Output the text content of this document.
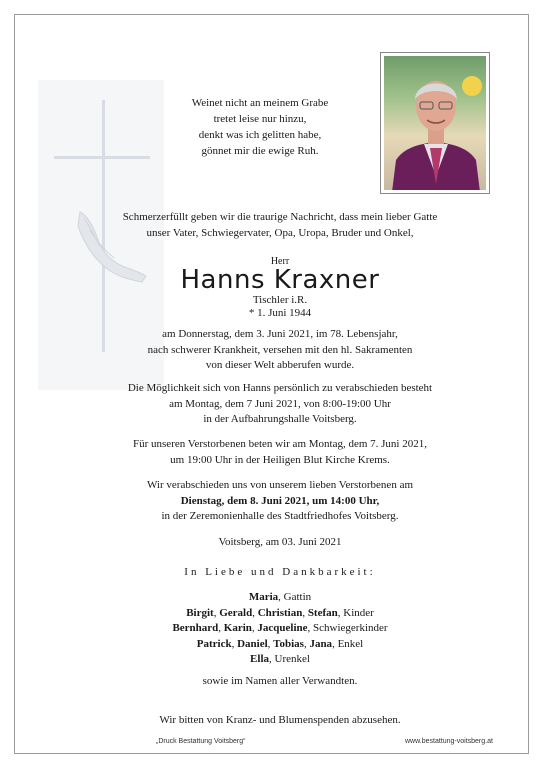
Weinet nicht an meinem Grabe

tretet leise nur hinzu,

denkt was ich gelitten habe,

gönnet mir die ewige Ruh.

Schmerzerfüllt geben wir die traurige Nachricht, dass mein lieber Gatte

unser Vater, Schwiegervater, Opa, Uropa, Bruder und Onkel,

Herr
Hanns Kraxner
Tischler i.R.
* 1. Juni 1944

am Donnerstag, dem 3. Juni 2021, im 78. Lebensjahr,

nach schwerer Krankheit, versehen mit den hl. Sakramenten

von dieser Welt abberufen wurde.

Die Möglichkeit sich von Hanns persönlich zu verabschieden besteht

am Montag, dem 7 Juni 2021, von 8:00-19:00 Uhr

in der Aufbahrungshalle Voitsberg.

Für unseren Verstorbenen beten wir am Montag, dem 7. Juni 2021,

um 19:00 Uhr in der Heiligen Blut Kirche Krems.

Wir verabschieden uns von unserem lieben Verstorbenen am

Dienstag, dem 8. Juni 2021, um 14:00 Uhr,

in der Zeremonienhalle des Stadtfriedhofes Voitsberg.

Voitsberg, am 03. Juni 2021
In Liebe und Dankbarkeit:

Maria, Gattin

Birgit, Gerald, Christian, Stefan, Kinder

Bernhard, Karin, Jacqueline, Schwiegerkinder

Patrick, Daniel, Tobias, Jana, Enkel

Ella, Urenkel

sowie im Namen aller Verwandten.
Wir bitten von Kranz- und Blumenspenden abzusehen.
„Druck Bestattung Voitsberg“	www.bestattung-voitsberg.at
